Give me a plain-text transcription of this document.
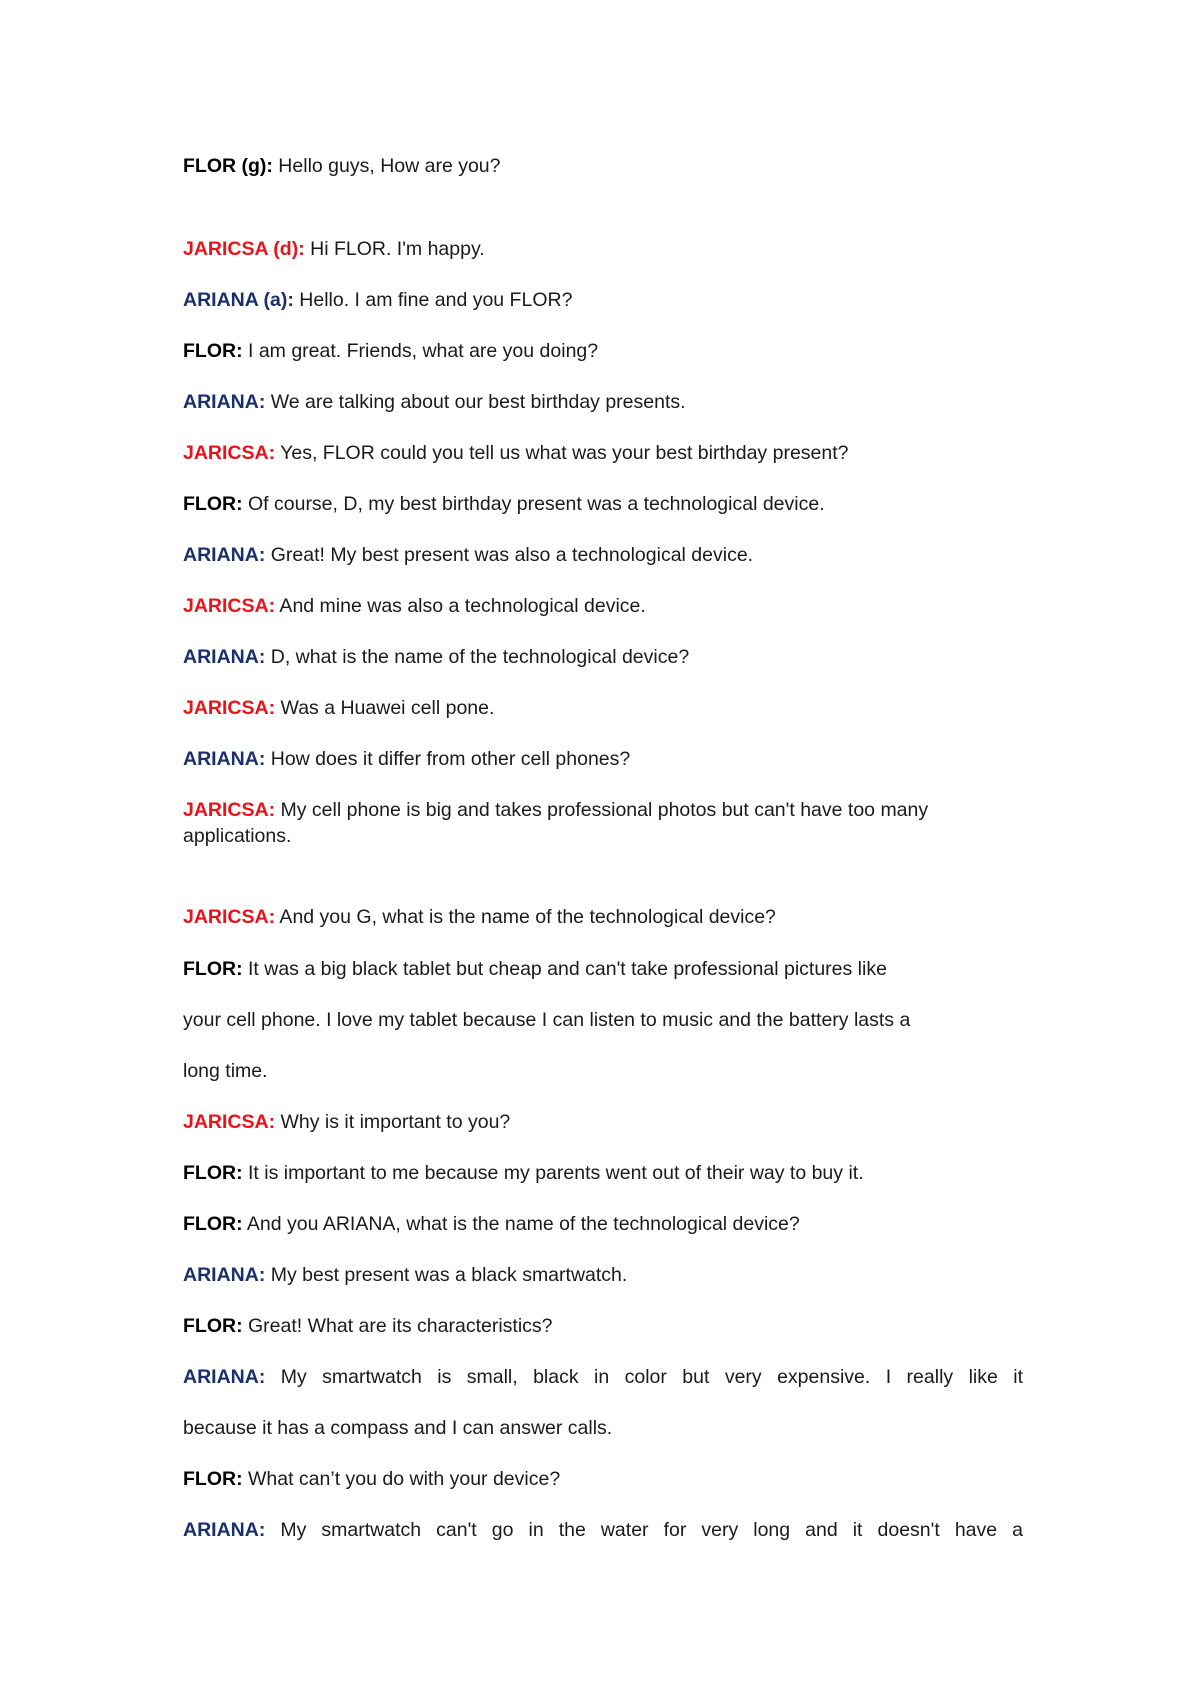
FLOR (g): Hello guys, How are you?
JARICSA (d): Hi FLOR. I'm happy.
ARIANA (a): Hello. I am fine and you FLOR?
FLOR: I am great. Friends, what are you doing?
ARIANA: We are talking about our best birthday presents.
JARICSA: Yes, FLOR could you tell us what was your best birthday present?
FLOR: Of course, D, my best birthday present was a technological device.
ARIANA: Great! My best present was also a technological device.
JARICSA: And mine was also a technological device.
ARIANA: D, what is the name of the technological device?
JARICSA: Was a Huawei cell pone.
ARIANA: How does it differ from other cell phones?
JARICSA: My cell phone is big and takes professional photos but can't have too many applications.
JARICSA: And you G, what is the name of the technological device?
FLOR: It was a big black tablet but cheap and can't take professional pictures like
your cell phone. I love my tablet because I can listen to music and the battery lasts a
long time.
JARICSA: Why is it important to you?
FLOR: It is important to me because my parents went out of their way to buy it.
FLOR: And you ARIANA, what is the name of the technological device?
ARIANA: My best present was a black smartwatch.
FLOR: Great! What are its characteristics?
ARIANA: My smartwatch is small, black in color but very expensive. I really like it
because it has a compass and I can answer calls.
FLOR: What can’t you do with your device?
ARIANA: My smartwatch can't go in the water for very long and it doesn't have a
